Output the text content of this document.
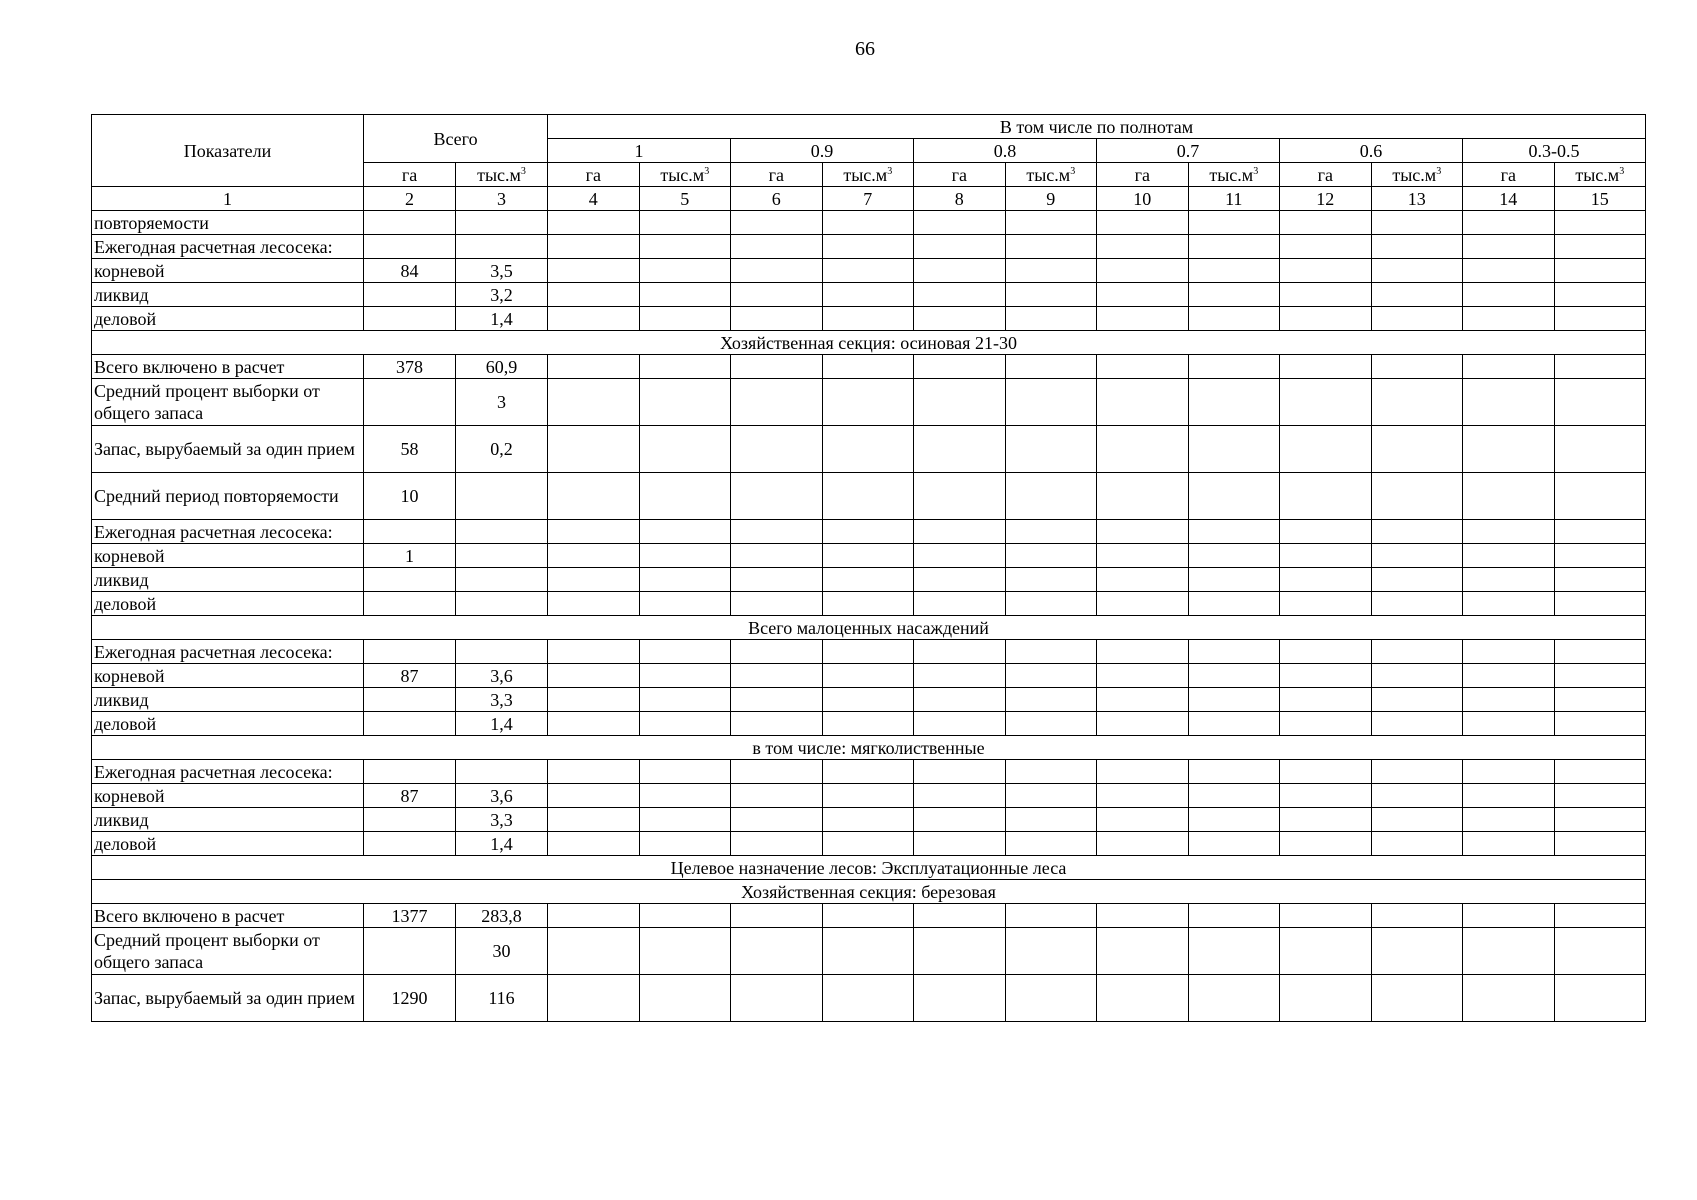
66
Показатели	Всего		В том числе по полнотам											
			1		0.9		0.8		0.7		0.6		0.3-0.5	
	га	$тыс.м^3$	га	$тыс.м^3$	га	$тыс.м^3$	га	$тыс.м^3$	га	$тыс.м^3$	га	$тыс.м^3$	га	$тыс.м^3$
1	2	3	4	5	6	7	8	9	10	11	12	13	14	15
повторяемости														
Ежегодная расчетная лесосека:														
корневой	84	3,5												
ликвид		3,2												
деловой		1,4												
Хозяйственная секция: осиновая 21-30														
Всего включено в расчет	378	60,9												
Средний процент выборки от общего запаса		3												
Запас, вырубаемый за один прием	58	0,2												
Средний период повторяемости	10													
Ежегодная расчетная лесосека:														
корневой	1													
ликвид														
деловой														
Всего малоценных насаждений														
Ежегодная расчетная лесосека:														
корневой	87	3,6												
ликвид		3,3												
деловой		1,4												
в том числе: мягколиственные														
Ежегодная расчетная лесосека:														
корневой	87	3,6												
ликвид		3,3												
деловой		1,4												
Целевое назначение лесов: Эксплуатационные леса														
Хозяйственная секция: березовая														
Всего включено в расчет	1377	283,8												
Средний процент выборки от общего запаса		30												
Запас, вырубаемый за один прием	1290	116												
